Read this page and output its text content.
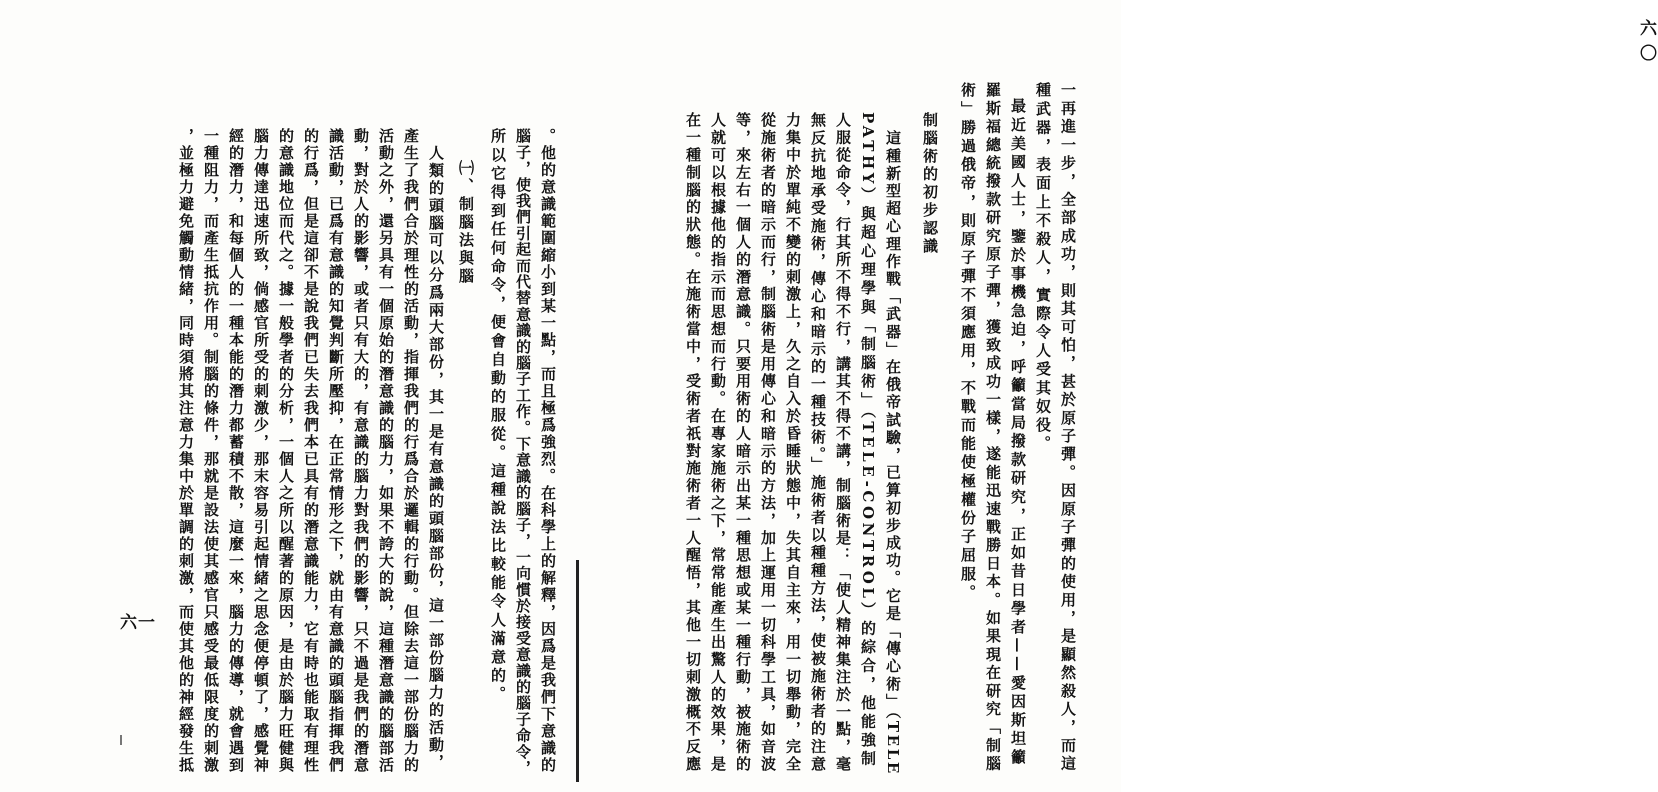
六〇
六一	一再進一步，全部成功，則其可怕，甚於原子彈。因原子彈的使用，是顯然殺人，而這
種武器，表面上不殺人，實際令人受其奴役。
最近美國人士，鑒於事機急迫，呼籲當局撥款研究，正如昔日學者——愛因斯坦籲
羅斯福總統撥款研究原子彈，獲致成功一樣，遂能迅速戰勝日本。如果現在研究「制腦
術」勝過俄帝，則原子彈不須應用，不戰而能使極權份子屈服。
制腦術的初步認識
這種新型超心理作戰「武器」在俄帝試驗，已算初步成功。它是「傳心術」（TELE
PATHY）與超心理學與「制腦術」（TELE-CONTROL）的綜合，他能強制
人服從命令，行其所不得不行，講其不得不講，制腦術是：「使人精神集注於一點，毫
無反抗地承受施術，傳心和暗示的一種技術。」施術者以種種方法，使被施術者的注意
力集中於單純不變的刺激上，久之自入於昏睡狀態中，失其自主來，用一切舉動，完全
從施術者的暗示而行，制腦術是用傳心和暗示的方法，加上運用一切科學工具，如音波
等，來左右一個人的潛意識。只要用術的人暗示出某一種思想或某一種行動，被施術的
人就可以根據他的指示而思想而行動。在專家施術之下，常常能產生出驚人的效果，是
在一種制腦的狀態。在施術當中，受術者祇對施術者一人醒悟，其他一切刺激概不反應
。他的意識範圍縮小到某一點，而且極爲強烈。在科學上的解釋，因爲是我們下意識的
腦子，使我們引起而代替意識的腦子工作。下意識的腦子，一向慣於接受意識的腦子命令，
所以它得到任何命令，便會自動的服從。這種說法比較能令人滿意的。
㈠、制腦法與腦
人類的頭腦可以分爲兩大部份，其一是有意識的頭腦部份，這一部份腦力的活動，
產生了我們合於理性的活動，指揮我們的行爲合於邏輯的行動。但除去這一部份腦力的
活動之外，還另具有一個原始的潛意識的腦力，如果不誇大的說，這種潛意識的腦部活
動，對於人的影響，或者只有大的，有意識的腦力對我們的影響，只不過是我們的潛意
識活動，已爲有意識的知覺判斷所壓抑，在正常情形之下，就由有意識的頭腦指揮我們
的行爲，但是這卻不是說我們已失去我們本已具有的潛意識能力，它有時也能取有理性
的意識地位而代之。據一般學者的分析，一個人之所以醒著的原因，是由於腦力旺健與
腦力傳達迅速所致，倘感官所受的刺激少，那末容易引起情緒之思念便停頓了，感覺神
經的潛力，和每個人的一種本能的潛力都蓄積不散，這麼一來，腦力的傳導，就會遇到
一種阻力，而產生抵抗作用。制腦的條件，那就是設法使其感官只感受最低限度的刺激
，並極力避免觸動情緒，同時須將其注意力集中於單調的刺激，而使其他的神經發生抵
